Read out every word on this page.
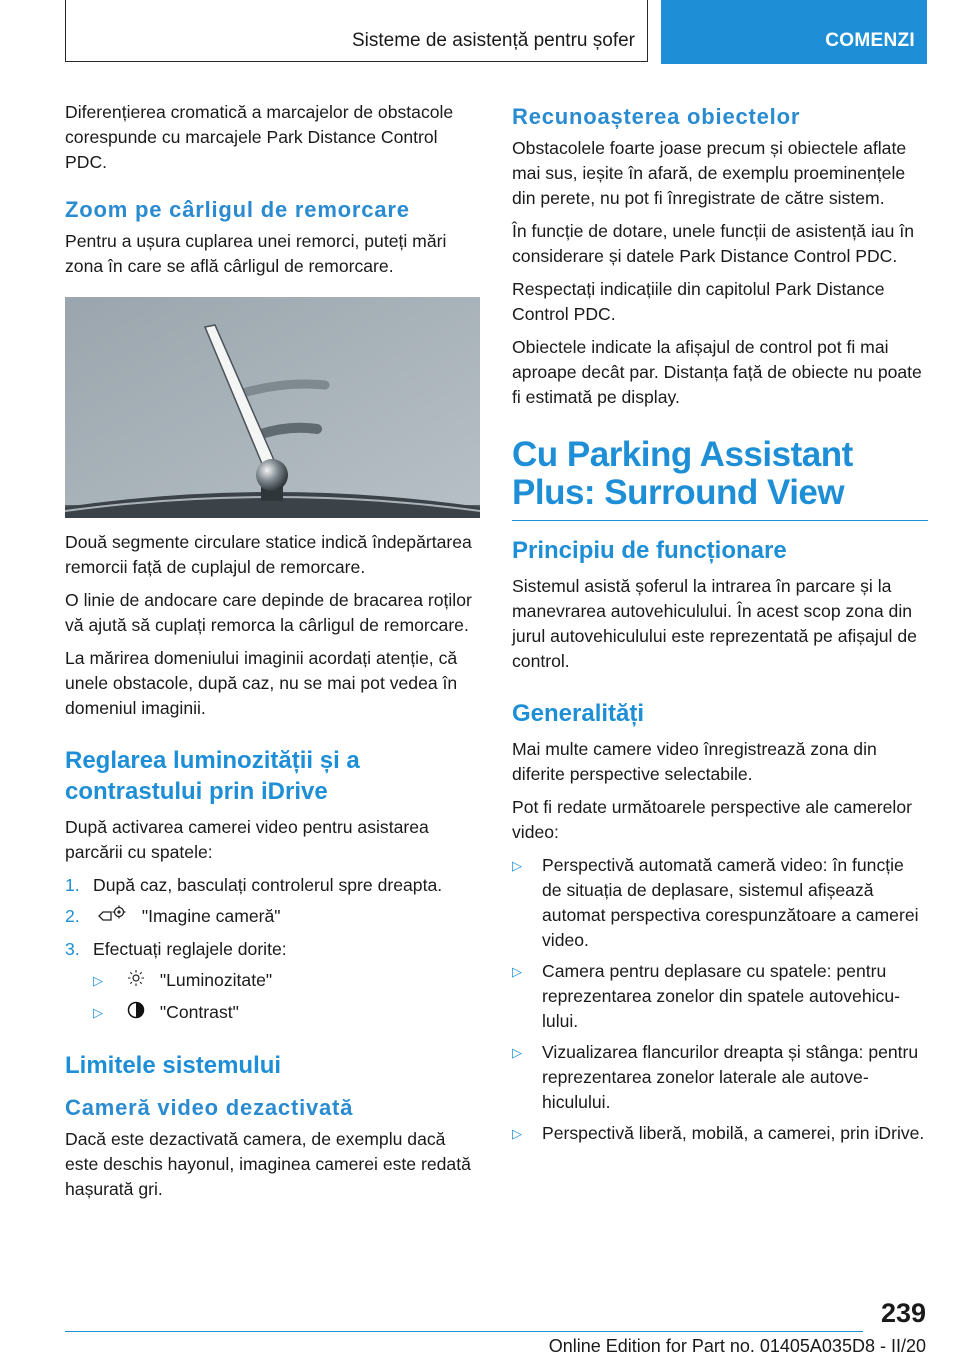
Sisteme de asistență pentru șofer	COMENZI

Diferențierea cromatică a marcajelor de obstacole corespunde cu marcajele Park Distance Control PDC.

Zoom pe cârligul de remorcare

Pentru a ușura cuplarea unei remorci, puteți mări zona în care se află cârligul de remorcare.

Două segmente circulare statice indică îndepărtarea remorcii față de cuplajul de remorcare.

O linie de andocare care depinde de bracarea roților vă ajută să cuplați remorca la cârligul de remorcare.

La mărirea domeniului imaginii acordați atenție, că unele obstacole, după caz, nu se mai pot vedea în domeniul imaginii.

Reglarea luminozității și a contrastului prin iDrive

După activarea camerei video pentru asistarea parcării cu spatele:

1. După caz, basculați controlerul spre dreapta.
2.	"Imagine cameră"
3. Efectuați reglajele dorite:
▷	"Luminozitate"
▷	"Contrast"
Limitele sistemului
Cameră video dezactivată

Dacă este dezactivată camera, de exemplu dacă este deschis hayonul, imaginea camerei este redată hașurată gri.

Recunoașterea obiectelor

Obstacolele foarte joase precum și obiectele aflate mai sus, ieșite în afară, de exemplu proeminențele din perete, nu pot fi înregistrate de către sistem.

În funcție de dotare, unele funcții de asistență iau în considerare și datele Park Distance Control PDC.

Respectați indicațiile din capitolul Park Distance Control PDC.

Obiectele indicate la afișajul de control pot fi mai aproape decât par. Distanța față de obiecte nu poate fi estimată pe display.

Cu Parking Assistant Plus: Surround View
Principiu de funcționare

Sistemul asistă șoferul la intrarea în parcare și la manevrarea autovehiculului. În acest scop zona din jurul autovehiculului este reprezentată pe afișajul de control.

Generalități

Mai multe camere video înregistrează zona din diferite perspective selectabile.

Pot fi redate următoarele perspective ale camerelor video:

▷ Perspectivă automată cameră video: în funcție de situația de deplasare, sistemul afișează automat perspectiva corespunzătoare a camerei video.
▷ Camera pentru deplasare cu spatele: pentru reprezentarea zonelor din spatele autovehiculului.
▷ Vizualizarea flancurilor dreapta și stânga: pentru reprezentarea zonelor laterale ale autovehiculului.
▷ Perspectivă liberă, mobilă, a camerei, prin iDrive.
239
Online Edition for Part no. 01405A035D8 - II/20
